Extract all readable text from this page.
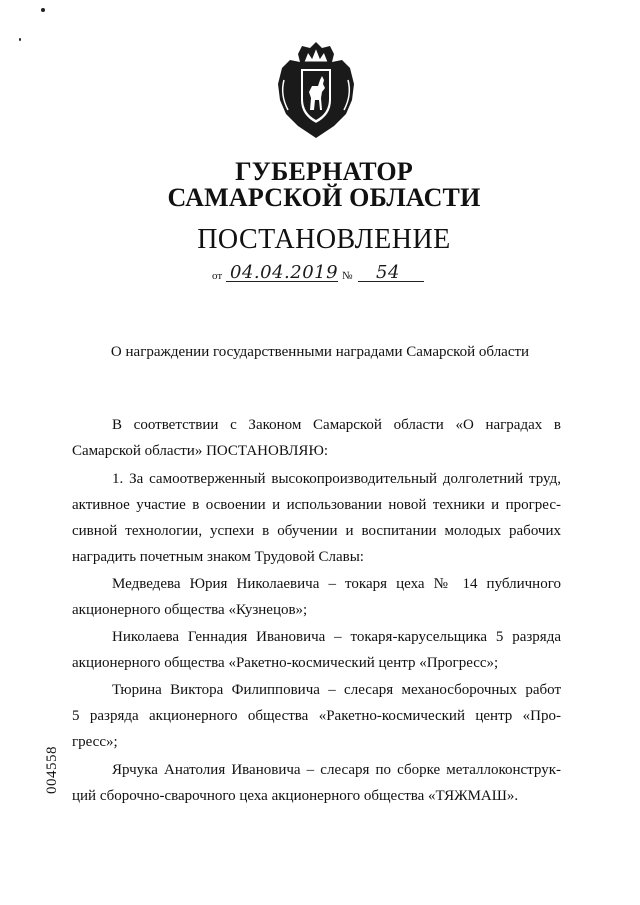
ГУБЕРНАТОР
САМАРСКОЙ ОБЛАСТИ
ПОСТАНОВЛЕНИЕ
от 04.04.2019 № 54
О награждении государственными наградами Самарской области
В соответствии с Законом Самарской области «О наградах в
Самарской области» ПОСТАНОВЛЯЮ:
1. За самоотверженный высокопроизводительный долголетний труд,
активное участие в освоении и использовании новой техники и прогрес-
сивной технологии, успехи в обучении и воспитании молодых рабочих
наградить почетным знаком Трудовой Славы:
Медведева Юрия Николаевича – токаря цеха № 14 публичного
акционерного общества «Кузнецов»;
Николаева Геннадия Ивановича – токаря-карусельщика 5 разряда
акционерного общества «Ракетно-космический центр «Прогресс»;
Тюрина Виктора Филипповича – слесаря механосборочных работ
5 разряда акционерного общества «Ракетно-космический центр «Про-
гресс»;
Ярчука Анатолия Ивановича – слесаря по сборке металлоконструк-
ций сборочно-сварочного цеха акционерного общества «ТЯЖМАШ».
004558
